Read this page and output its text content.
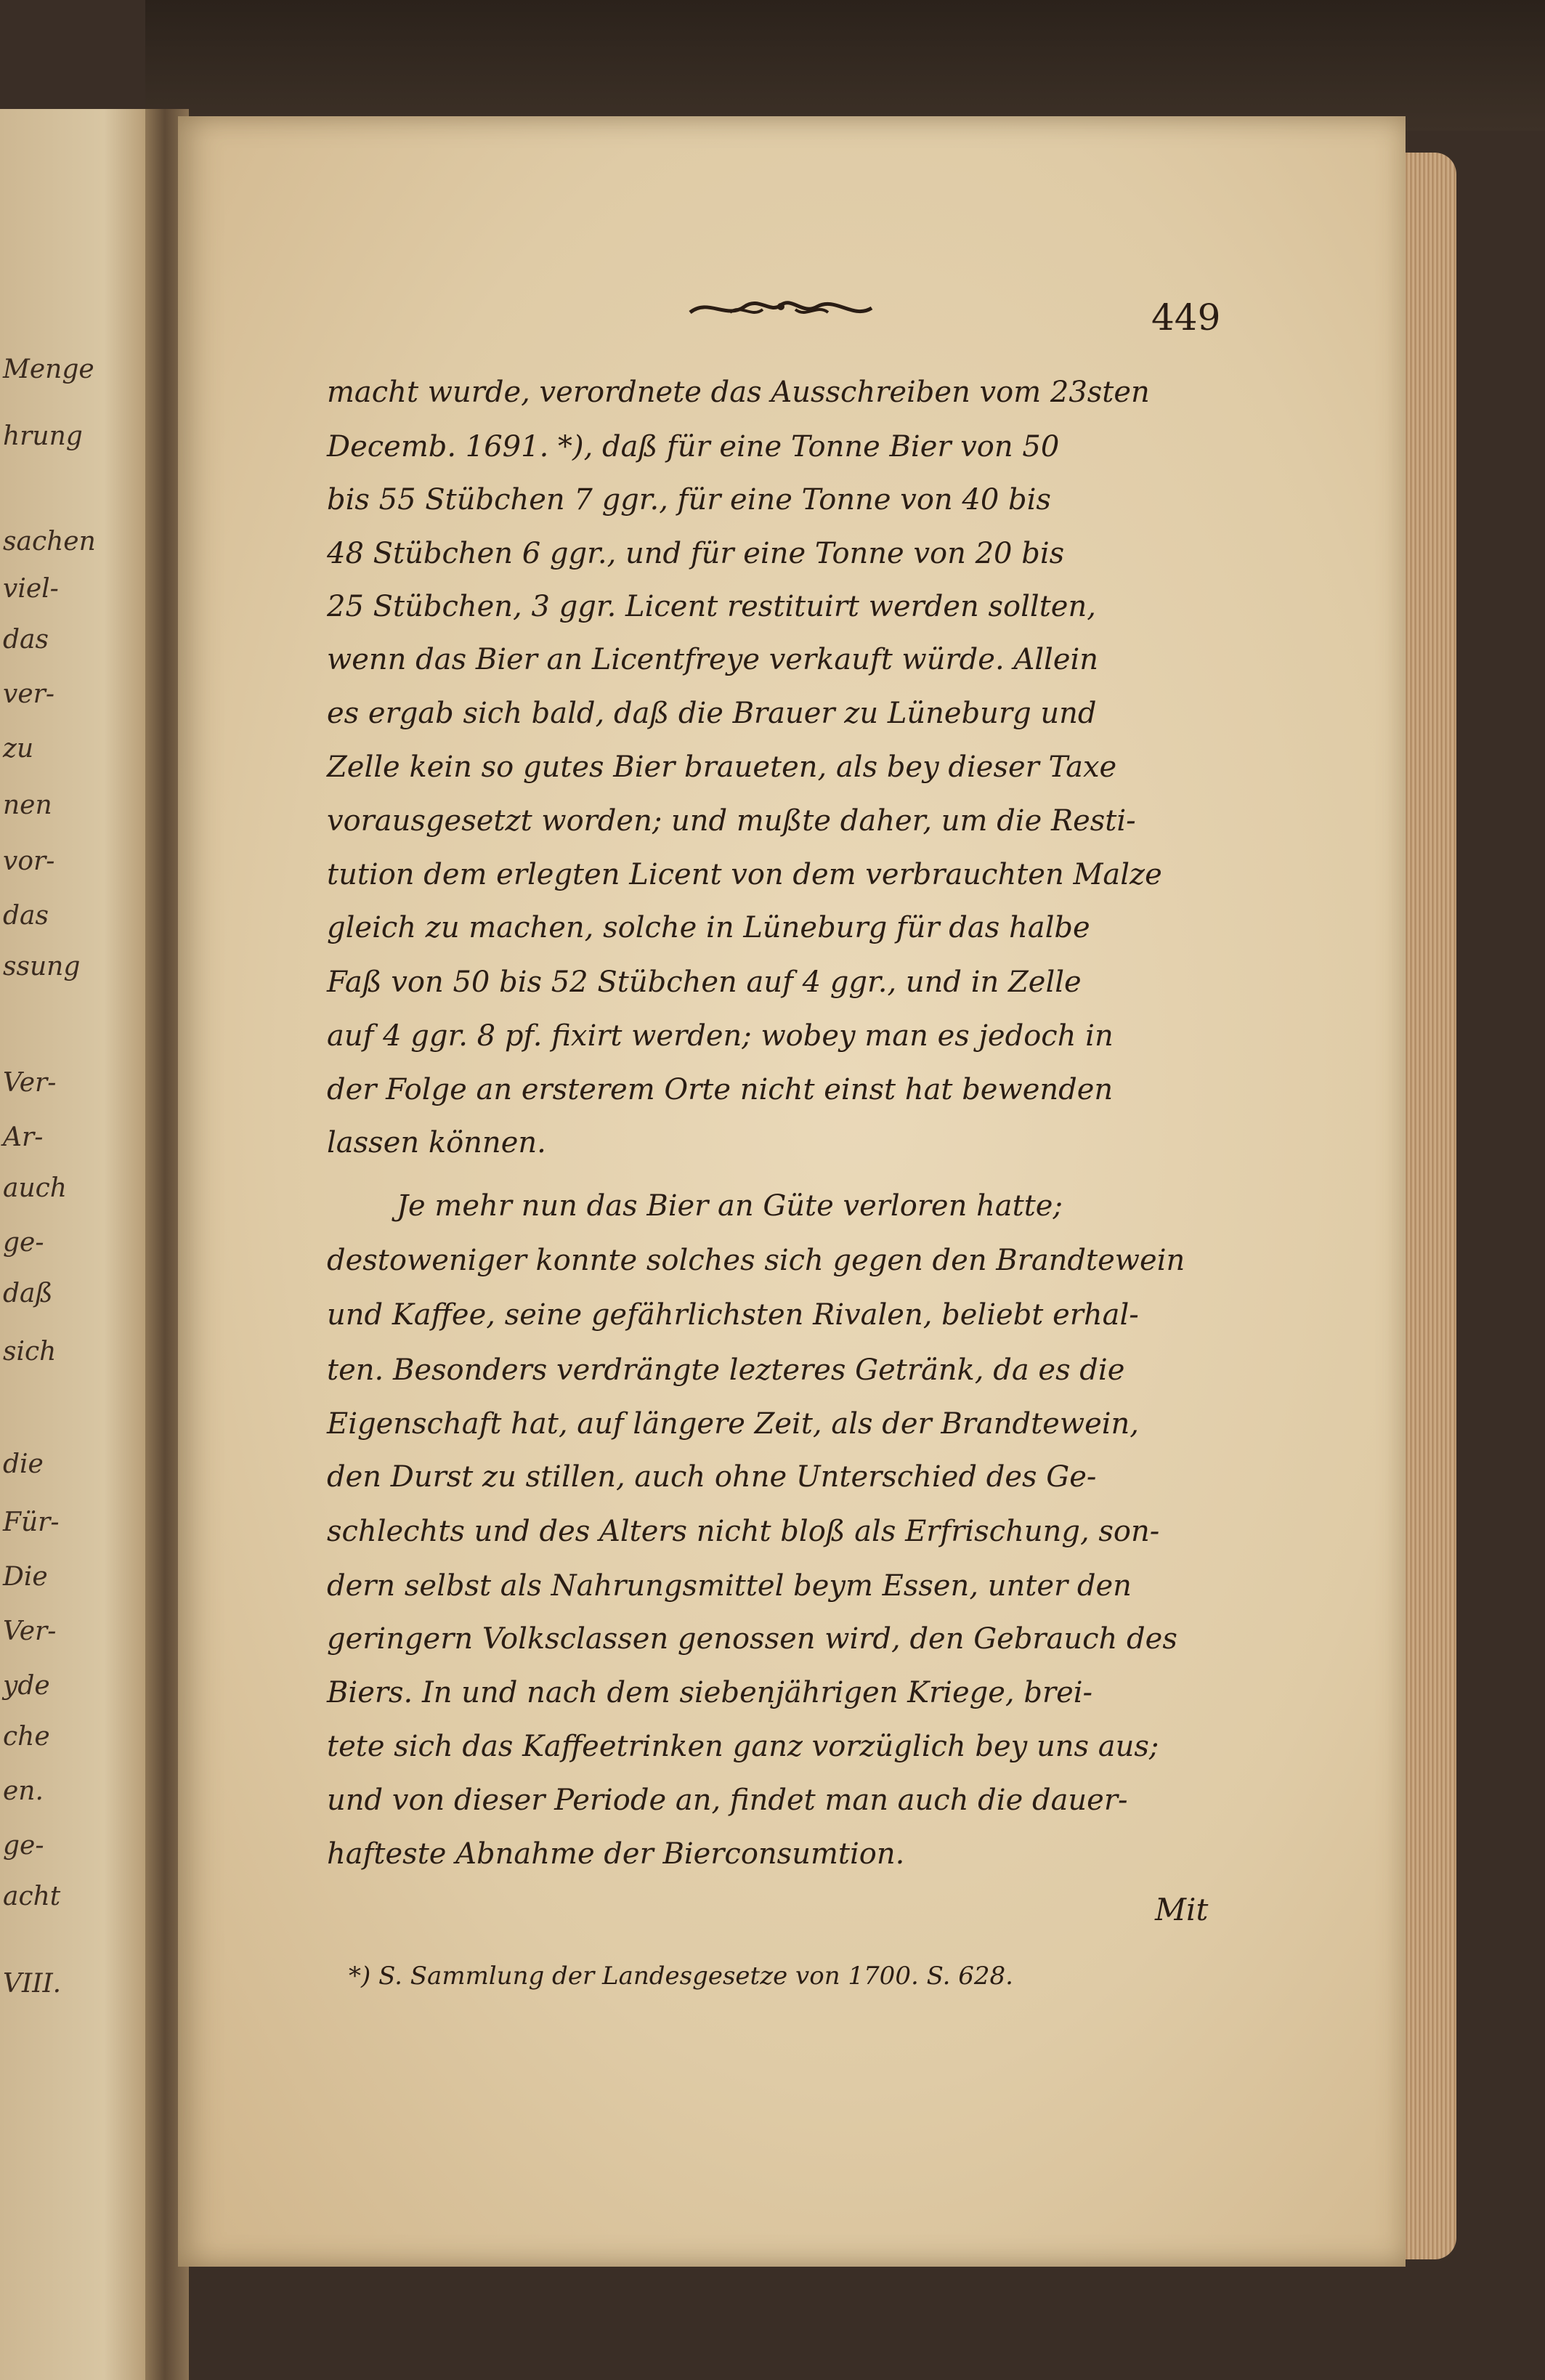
Menge
hrung
sachen
viel-
das
ver-
zu
nen
vor-
das
ssung
Ver-
Ar-
auch
ge-
daß
sich
die
Für-
Die
Ver-
yde
che
en.
ge-
acht
VIII.
449
macht wurde, verordnete das Ausschreiben vom 23sten
Decemb. 1691. *), daß für eine Tonne Bier von 50
bis 55 Stübchen 7 ggr., für eine Tonne von 40 bis
48 Stübchen 6 ggr., und für eine Tonne von 20 bis
25 Stübchen, 3 ggr. Licent restituirt werden sollten,
wenn das Bier an Licentfreye verkauft würde. Allein
es ergab sich bald, daß die Brauer zu Lüneburg und
Zelle kein so gutes Bier braueten, als bey dieser Taxe
vorausgesetzt worden; und mußte daher, um die Resti-
tution dem erlegten Licent von dem verbrauchten Malze
gleich zu machen, solche in Lüneburg für das halbe
Faß von 50 bis 52 Stübchen auf 4 ggr., und in Zelle
auf 4 ggr. 8 pf. fixirt werden; wobey man es jedoch in
der Folge an ersterem Orte nicht einst hat bewenden
lassen können.
Je mehr nun das Bier an Güte verloren hatte;
destoweniger konnte solches sich gegen den Brandtewein
und Kaffee, seine gefährlichsten Rivalen, beliebt erhal-
ten. Besonders verdrängte lezteres Getränk, da es die
Eigenschaft hat, auf längere Zeit, als der Brandtewein,
den Durst zu stillen, auch ohne Unterschied des Ge-
schlechts und des Alters nicht bloß als Erfrischung, son-
dern selbst als Nahrungsmittel beym Essen, unter den
geringern Volksclassen genossen wird, den Gebrauch des
Biers. In und nach dem siebenjährigen Kriege, brei-
tete sich das Kaffeetrinken ganz vorzüglich bey uns aus;
und von dieser Periode an, findet man auch die dauer-
hafteste Abnahme der Bierconsumtion.
Mit
*) S. Sammlung der Landesgesetze von 1700. S. 628.
